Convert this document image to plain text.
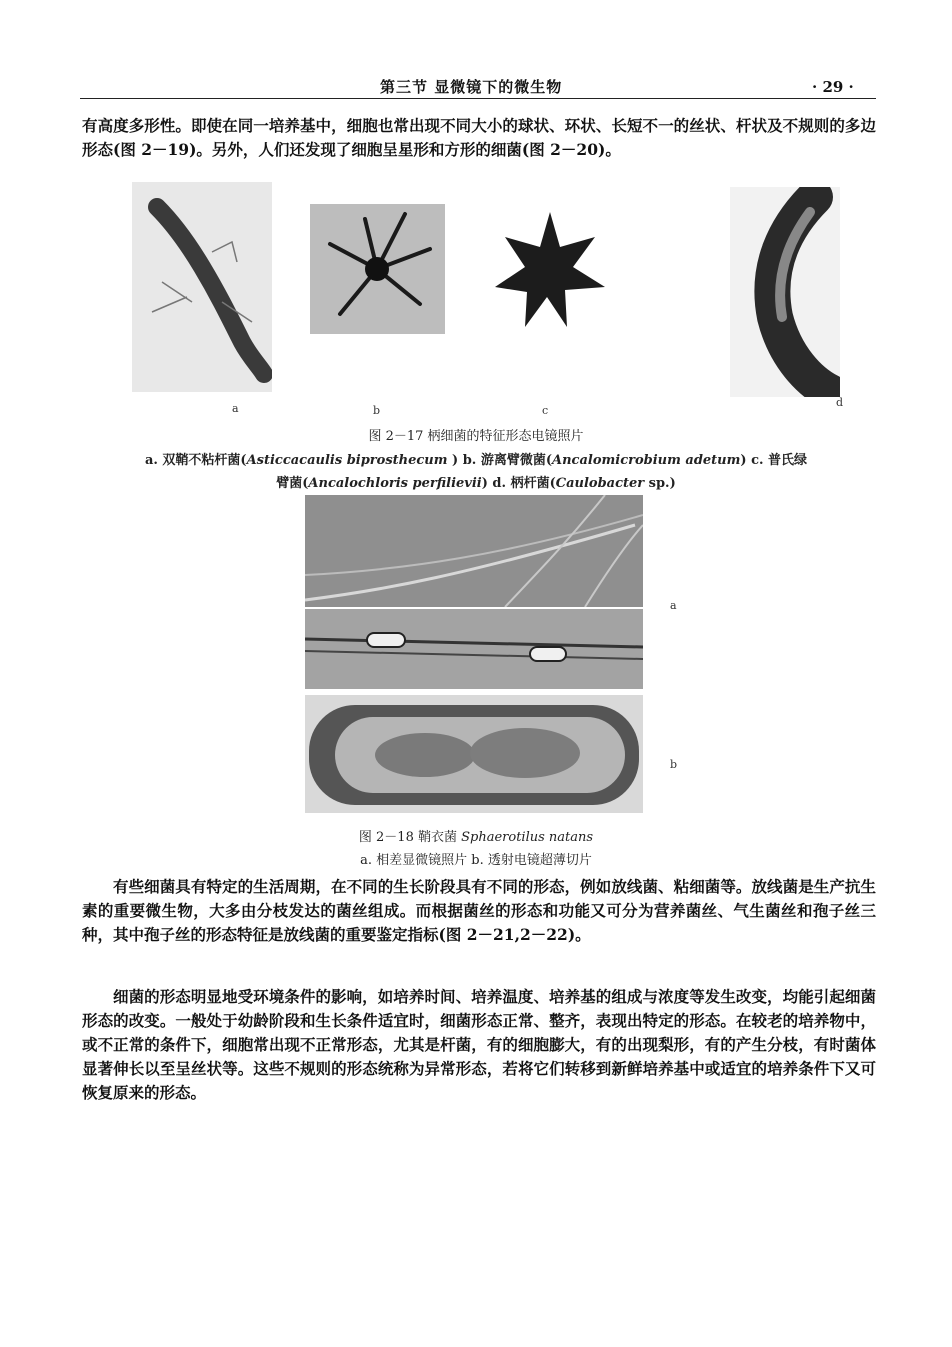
第三节 显微镜下的微生物	· 29 ·
有高度多形性。即使在同一培养基中，细胞也常出现不同大小的球状、环状、长短不一的丝状、杆状及不规则的多边形态(图 2－19)。另外，人们还发现了细胞呈星形和方形的细菌(图 2－20)。
a	b	c
d
图 2－17 柄细菌的特征形态电镜照片
a. 双鞘不粘杆菌(Asticcacaulis biprosthecum ) b. 游离臂微菌(Ancalomicrobium adetum) c. 普氏绿
臂菌(Ancalochloris perfilievii) d. 柄杆菌(Caulobacter sp.)
a
b
图 2－18 鞘衣菌 Sphaerotilus natans
a. 相差显微镜照片 b. 透射电镜超薄切片
有些细菌具有特定的生活周期，在不同的生长阶段具有不同的形态，例如放线菌、粘细菌等。放线菌是生产抗生素的重要微生物，大多由分枝发达的菌丝组成。而根据菌丝的形态和功能又可分为营养菌丝、气生菌丝和孢子丝三种，其中孢子丝的形态特征是放线菌的重要鉴定指标(图 2－21,2－22)。
细菌的形态明显地受环境条件的影响，如培养时间、培养温度、培养基的组成与浓度等发生改变，均能引起细菌形态的改变。一般处于幼龄阶段和生长条件适宜时，细菌形态正常、整齐，表现出特定的形态。在较老的培养物中，或不正常的条件下，细胞常出现不正常形态，尤其是杆菌，有的细胞膨大，有的出现梨形，有的产生分枝，有时菌体显著伸长以至呈丝状等。这些不规则的形态统称为异常形态，若将它们转移到新鲜培养基中或适宜的培养条件下又可恢复原来的形态。
